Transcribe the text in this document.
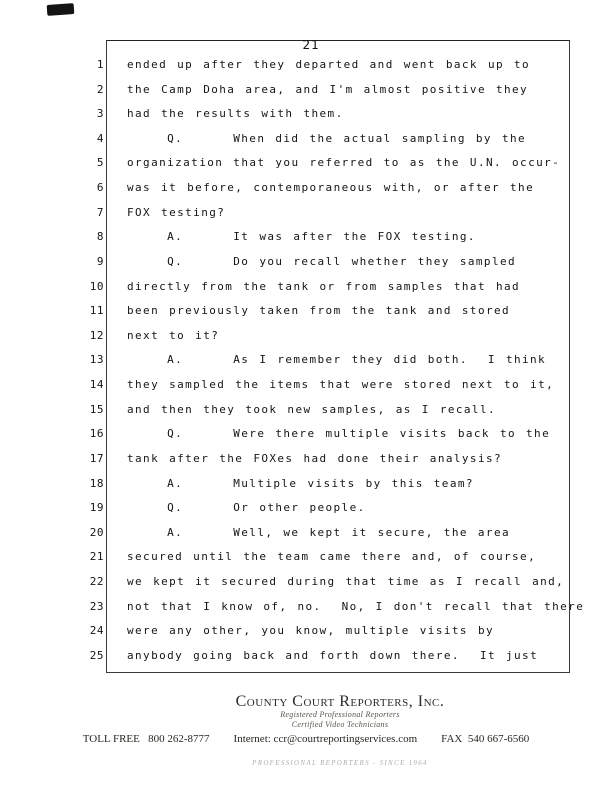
21
1 ended up after they departed and went back up to
2 the Camp Doha area, and I'm almost positive they
3 had the results with them.
4 Q.     When did the actual sampling by the
5 organization that you referred to as the U.N. occur-
6 was it before, contemporaneous with, or after the
7 FOX testing?
8 A.     It was after the FOX testing.
9 Q.     Do you recall whether they sampled
10 directly from the tank or from samples that had
11 been previously taken from the tank and stored
12 next to it?
13 A.     As I remember they did both.  I think
14 they sampled the items that were stored next to it,
15 and then they took new samples, as I recall.
16 Q.     Were there multiple visits back to the
17 tank after the FOXes had done their analysis?
18 A.     Multiple visits by this team?
19 Q.     Or other people.
20 A.     Well, we kept it secure, the area
21 secured until the team came there and, of course,
22 we kept it secured during that time as I recall and,
23 not that I know of, no.  No, I don't recall that there
24 were any other, you know, multiple visits by
25 anybody going back and forth down there.  It just
County Court Reporters, Inc.
Registered Professional Reporters
Certified Video Technicians
TOLL FREE   800 262-8777 Internet: ccr@courtreportingservices.com FAX  540 667-6560
PROFESSIONAL REPORTERS - SINCE 1964
